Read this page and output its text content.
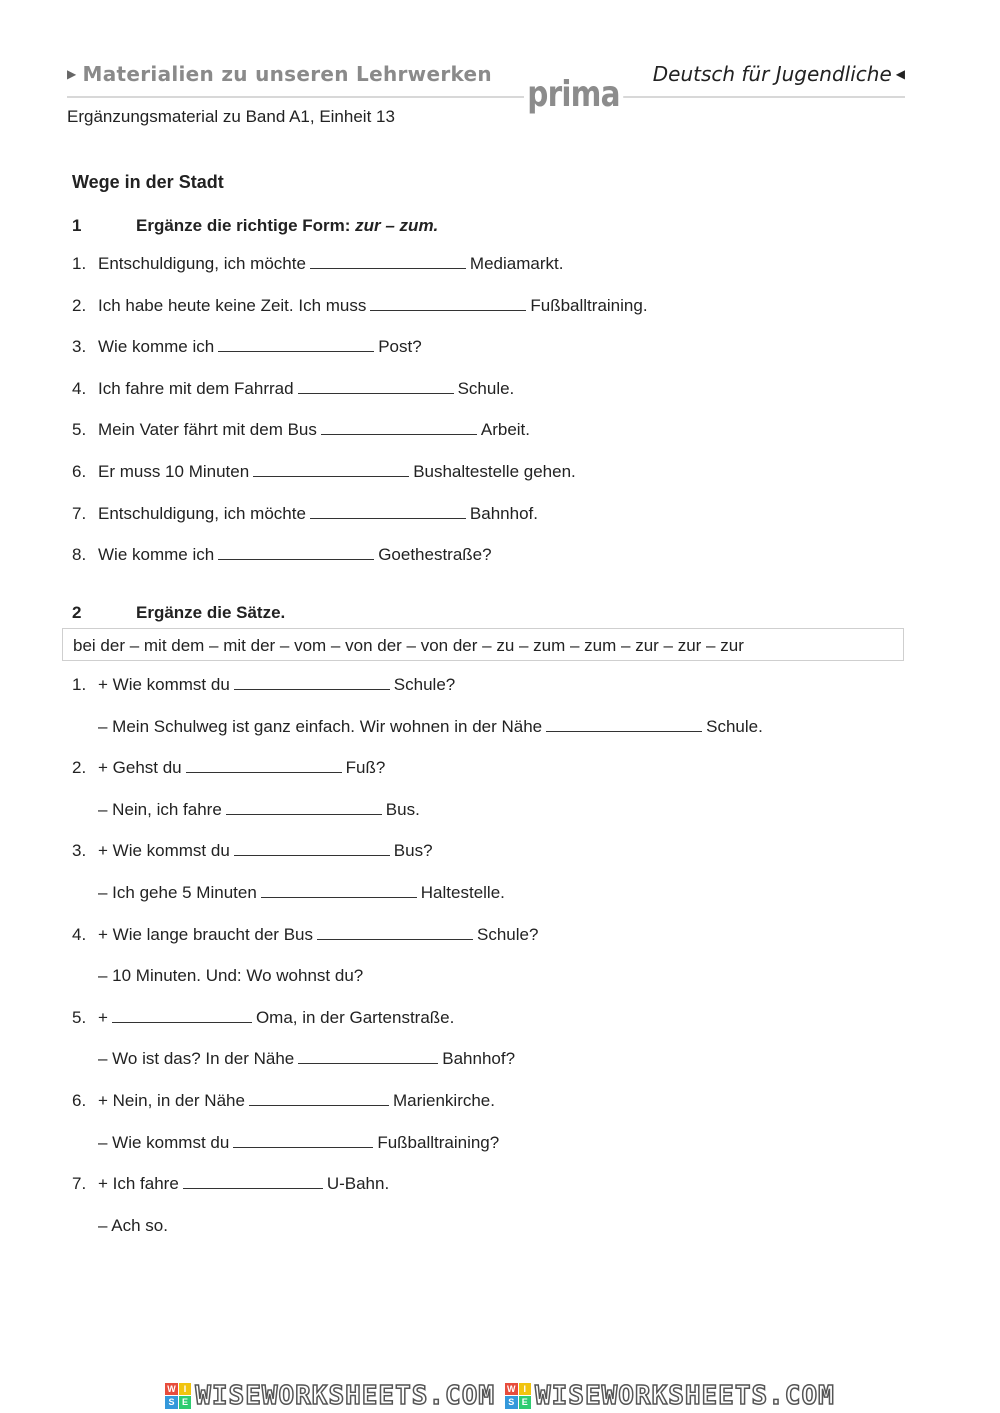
▶ Materialien zu unseren Lehrwerken prima Deutsch für Jugendliche ◀
Ergänzungsmaterial zu Band A1, Einheit 13
Wege in der Stadt
1	Ergänze die richtige Form: zur – zum.
1. Entschuldigung, ich möchte	Mediamarkt.
2. Ich habe heute keine Zeit. Ich muss	Fußballtraining.
3. Wie komme ich	Post?
4. Ich fahre mit dem Fahrrad	Schule.
5. Mein Vater fährt mit dem Bus	Arbeit.
6. Er muss 10 Minuten	Bushaltestelle gehen.
7. Entschuldigung, ich möchte	Bahnhof.
8. Wie komme ich	Goethestraße?
2	Ergänze die Sätze.
bei der – mit dem – mit der – vom – von der – von der – zu – zum – zum – zur – zur – zur
1. + Wie kommst du	Schule?
– Mein Schulweg ist ganz einfach. Wir wohnen in der Nähe	Schule.
2. + Gehst du	Fuß?
– Nein, ich fahre	Bus.
3. + Wie kommst du	Bus?
– Ich gehe 5 Minuten	Haltestelle.
4. + Wie lange braucht der Bus	Schule?
– 10 Minuten. Und: Wo wohnst du?
5. +	Oma, in der Gartenstraße.
– Wo ist das? In der Nähe	Bahnhof?
6. + Nein, in der Nähe	Marienkirche.
– Wie kommst du	Fußballtraining?
7. + Ich fahre	U-Bahn.
– Ach so.
W I
S E WISEWORKSHEETS.COM W I
S E WISEWORKSHEETS.COM
